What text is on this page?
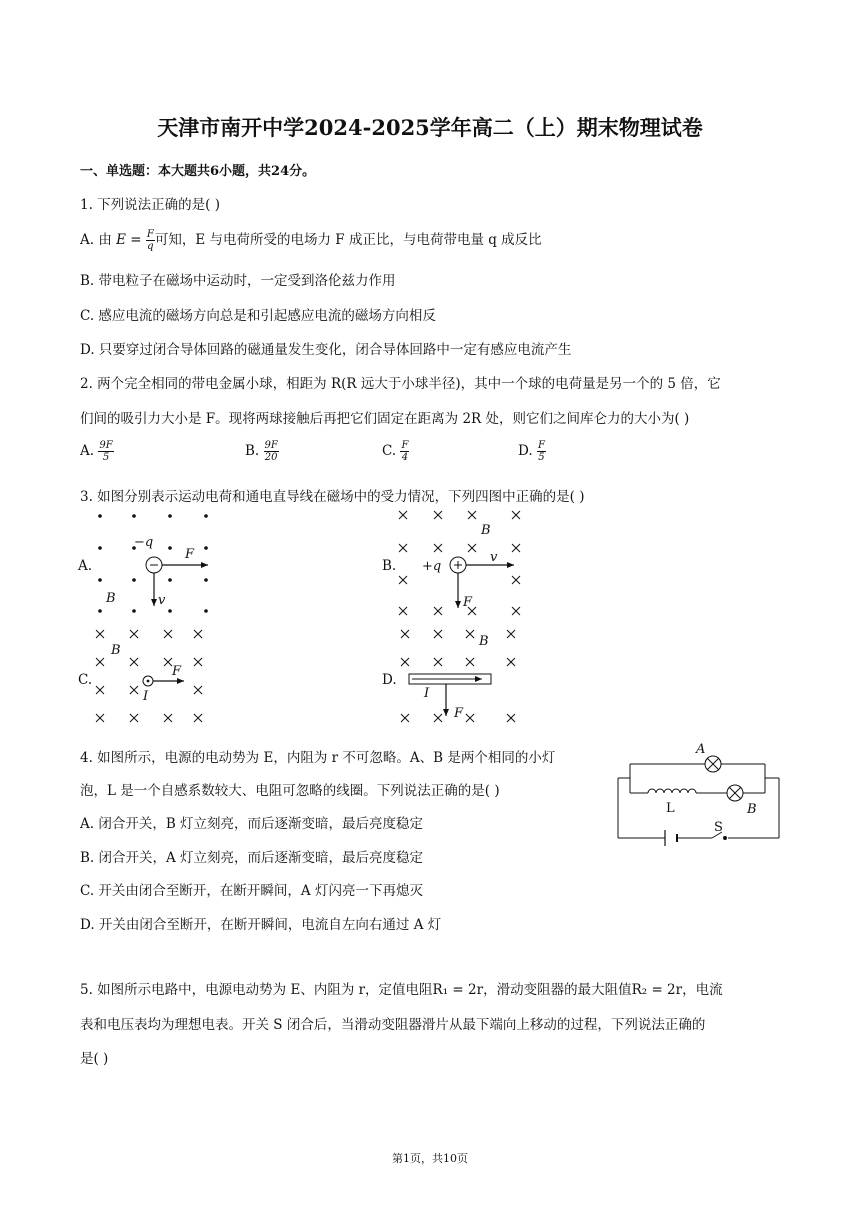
天津市南开中学2024-2025学年高二（上）期末物理试卷
一、单选题：本大题共6小题，共24分。
1. 下列说法正确的是( )
A. 由 $E = \frac{F}{q}$ 可知，E 与电荷所受的电场力 F 成正比，与电荷带电量 q 成反比
B. 带电粒子在磁场中运动时，一定受到洛伦兹力作用
C. 感应电流的磁场方向总是和引起感应电流的磁场方向相反
D. 只要穿过闭合导体回路的磁通量发生变化，闭合导体回路中一定有感应电流产生
2. 两个完全相同的带电金属小球，相距为 R(R 远大于小球半径)，其中一个球的电荷量是另一个的 5 倍，它
们间的吸引力大小是 F。现将两球接触后再把它们固定在距离为 2R 处，则它们之间库仑力的大小为( )
A. $\frac{9F}{5}$	B. $\frac{9F}{20}$	C. $\frac{F}{4}$	D. $\frac{F}{5}$
3. 如图分别表示运动电荷和通电直导线在磁场中的受力情况，下列四图中正确的是( )
A.	B.
C.	D.
−q
F
v
B
+q
v
F
B
F
I
B
I
F
B
A
L	B
S
4. 如图所示，电源的电动势为 E，内阻为 r 不可忽略。A、B 是两个相同的小灯
泡，L 是一个自感系数较大、电阻可忽略的线圈。下列说法正确的是( )
A. 闭合开关，B 灯立刻亮，而后逐渐变暗，最后亮度稳定
B. 闭合开关，A 灯立刻亮，而后逐渐变暗，最后亮度稳定
C. 开关由闭合至断开，在断开瞬间，A 灯闪亮一下再熄灭
D. 开关由闭合至断开，在断开瞬间，电流自左向右通过 A 灯
5. 如图所示电路中，电源电动势为 E、内阻为 r，定值电阻R₁ = 2r，滑动变阻器的最大阻值R₂ = 2r，电流
表和电压表均为理想电表。开关 S 闭合后，当滑动变阻器滑片从最下端向上移动的过程，下列说法正确的
是( )
第1页，共10页
